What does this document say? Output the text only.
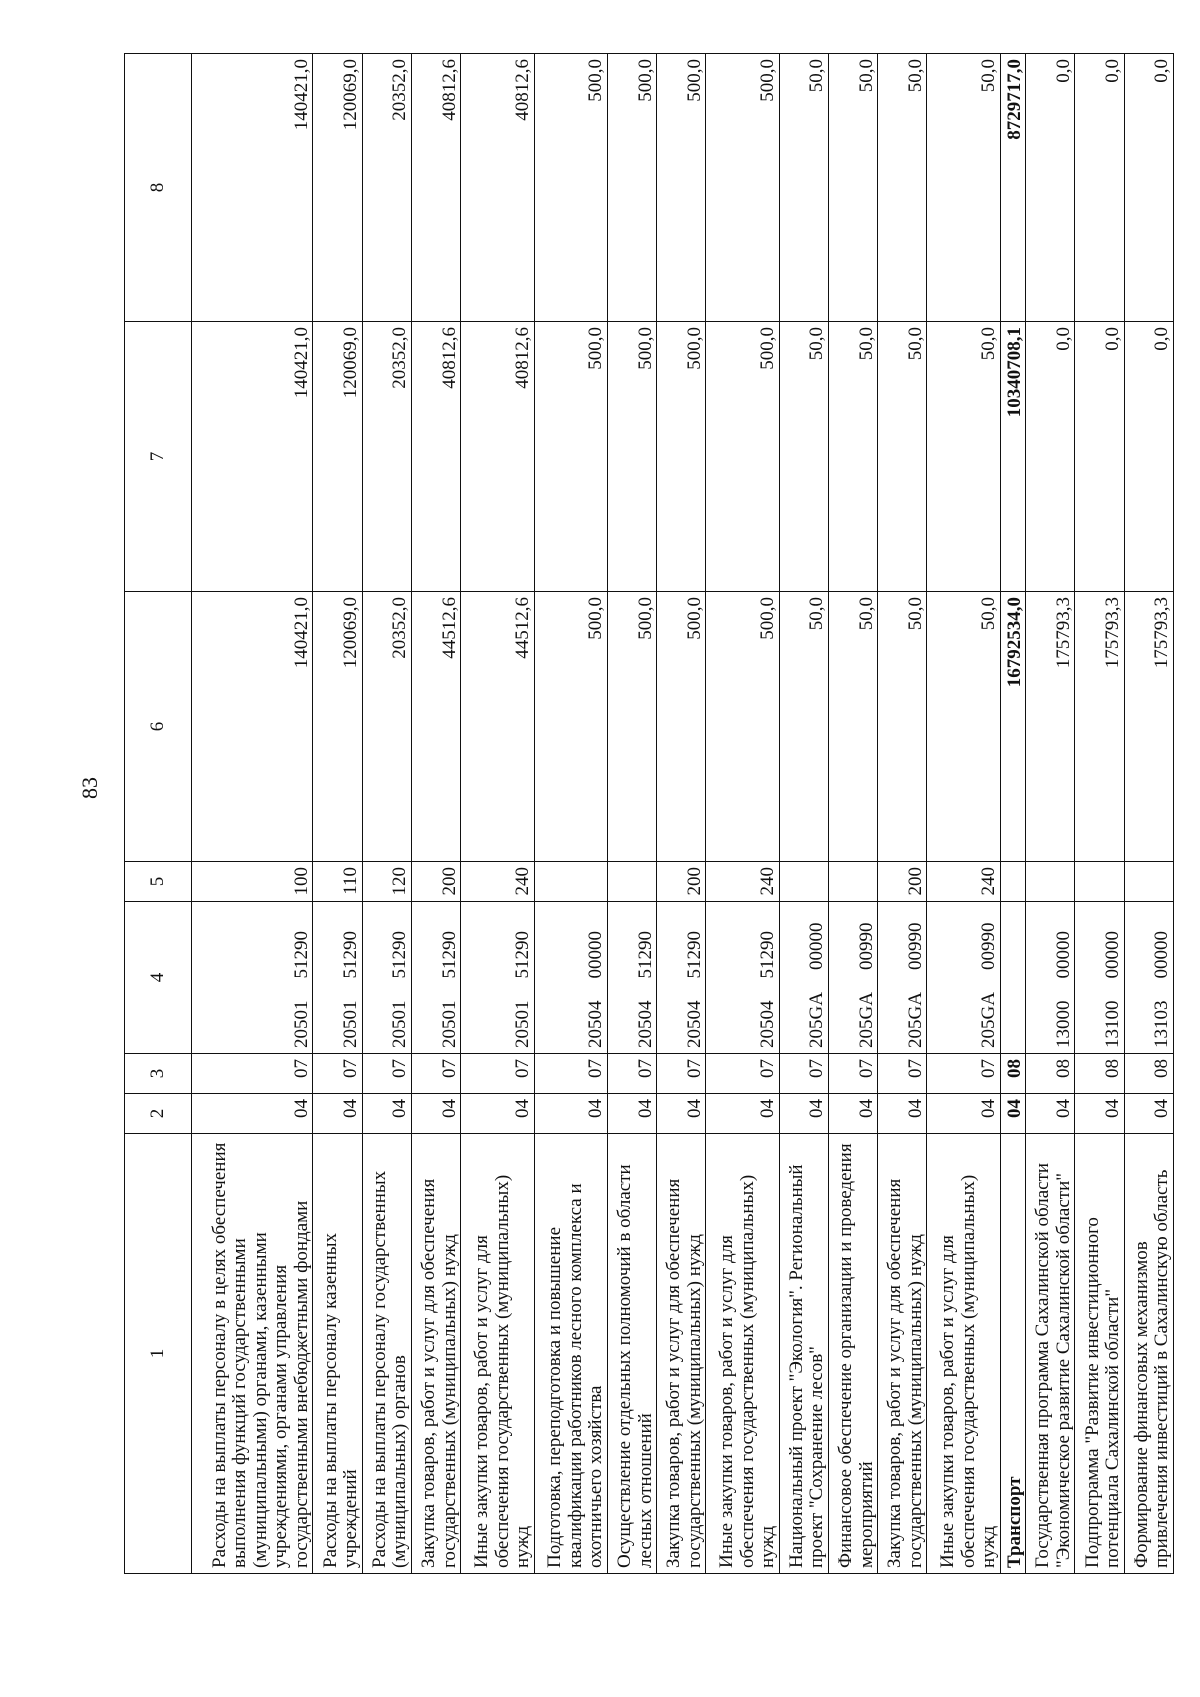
83
1	2	3	4	5	6	7	8
Расходы на выплаты персоналу в целях обеспечения выполнения функций государственными (муниципальными) органами, казенными учреждениями, органами управления государственными внебюджетными фондами	04	07	2050151290	100	140421,0	140421,0	140421,0
Расходы на выплаты персоналу казенных учреждений	04	07	2050151290	110	120069,0	120069,0	120069,0
Расходы на выплаты персоналу государственных (муниципальных) органов	04	07	2050151290	120	20352,0	20352,0	20352,0
Закупка товаров, работ и услуг для обеспечения государственных (муниципальных) нужд	04	07	2050151290	200	44512,6	40812,6	40812,6
Иные закупки товаров, работ и услуг для обеспечения государственных (муниципальных) нужд	04	07	2050151290	240	44512,6	40812,6	40812,6
Подготовка, переподготовка и повышение квалификации работников лесного комплекса и охотничьего хозяйства	04	07	2050400000		500,0	500,0	500,0
Осуществление отдельных полномочий в области лесных отношений	04	07	2050451290		500,0	500,0	500,0
Закупка товаров, работ и услуг для обеспечения государственных (муниципальных) нужд	04	07	2050451290	200	500,0	500,0	500,0
Иные закупки товаров, работ и услуг для обеспечения государственных (муниципальных) нужд	04	07	2050451290	240	500,0	500,0	500,0
Национальный проект "Экология". Региональный проект "Сохранение лесов"	04	07	205GA00000		50,0	50,0	50,0
Финансовое обеспечение организации и проведения мероприятий	04	07	205GA00990		50,0	50,0	50,0
Закупка товаров, работ и услуг для обеспечения государственных (муниципальных) нужд	04	07	205GA00990	200	50,0	50,0	50,0
Иные закупки товаров, работ и услуг для обеспечения государственных (муниципальных) нужд	04	07	205GA00990	240	50,0	50,0	50,0
Транспорт	04	08			16792534,0	10340708,1	8729717,0
Государственная программа Сахалинской области "Экономическое развитие Сахалинской области"	04	08	1300000000		175793,3	0,0	0,0
Подпрограмма "Развитие инвестиционного потенциала Сахалинской области"	04	08	1310000000		175793,3	0,0	0,0
Формирование финансовых механизмов привлечения инвестиций в Сахалинскую область	04	08	1310300000		175793,3	0,0	0,0
